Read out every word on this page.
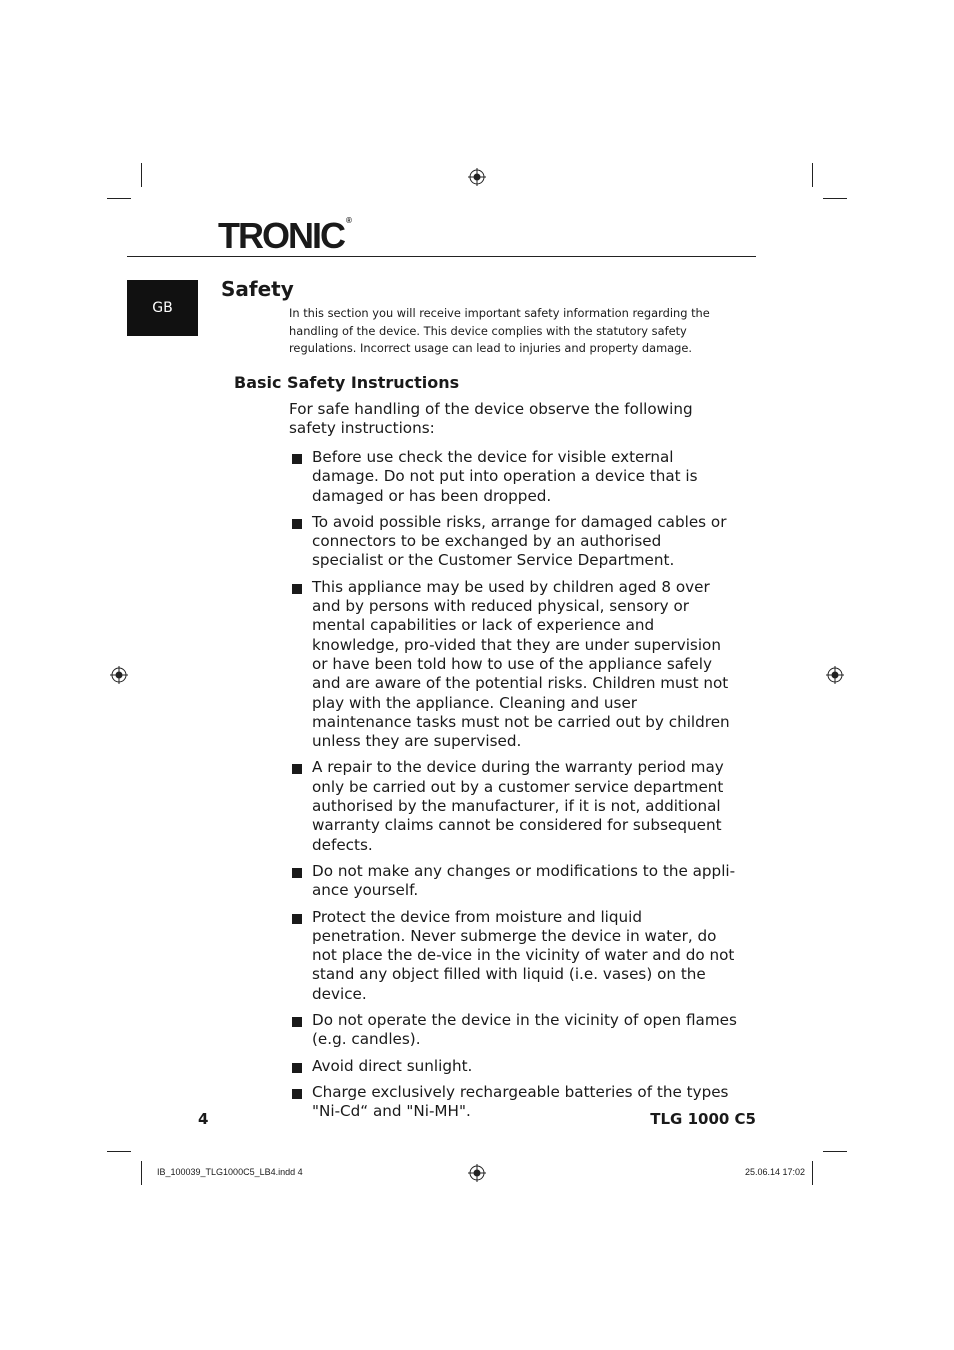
TRONIC ®
GB
Safety

In this section you will receive important safety information regarding the handling of the device. This device complies with the statutory safety regulations. Incorrect usage can lead to injuries and property damage.

Basic Safety Instructions

For safe handling of the device observe the following safety instructions:

Before use check the device for visible external damage. Do not put into operation a device that is damaged or has been dropped.
To avoid possible risks, arrange for damaged cables or connectors to be exchanged by an authorised specialist or the Customer Service Department.
This appliance may be used by children aged 8 over and by persons with reduced physical, sensory or mental capabilities or lack of experience and knowledge, pro-vided that they are under supervision or have been told how to use of the appliance safely and are aware of the potential risks. Children must not play with the appliance. Cleaning and user maintenance tasks must not be carried out by children unless they are supervised.
A repair to the device during the warranty period may only be carried out by a customer service department authorised by the manufacturer, if it is not, additional warranty claims cannot be considered for subsequent defects.
Do not make any changes or modifications to the appli-ance yourself.
Protect the device from moisture and liquid penetration. Never submerge the device in water, do not place the de-vice in the vicinity of water and do not stand any object filled with liquid (i.e. vases) on the device.
Do not operate the device in the vicinity of open flames (e.g. candles).
Avoid direct sunlight.
Charge exclusively rechargeable batteries of the types "Ni-Cd“ and "Ni-MH".
4	TLG 1000 C5
IB_100039_TLG1000C5_LB4.indd 4	25.06.14 17:02
